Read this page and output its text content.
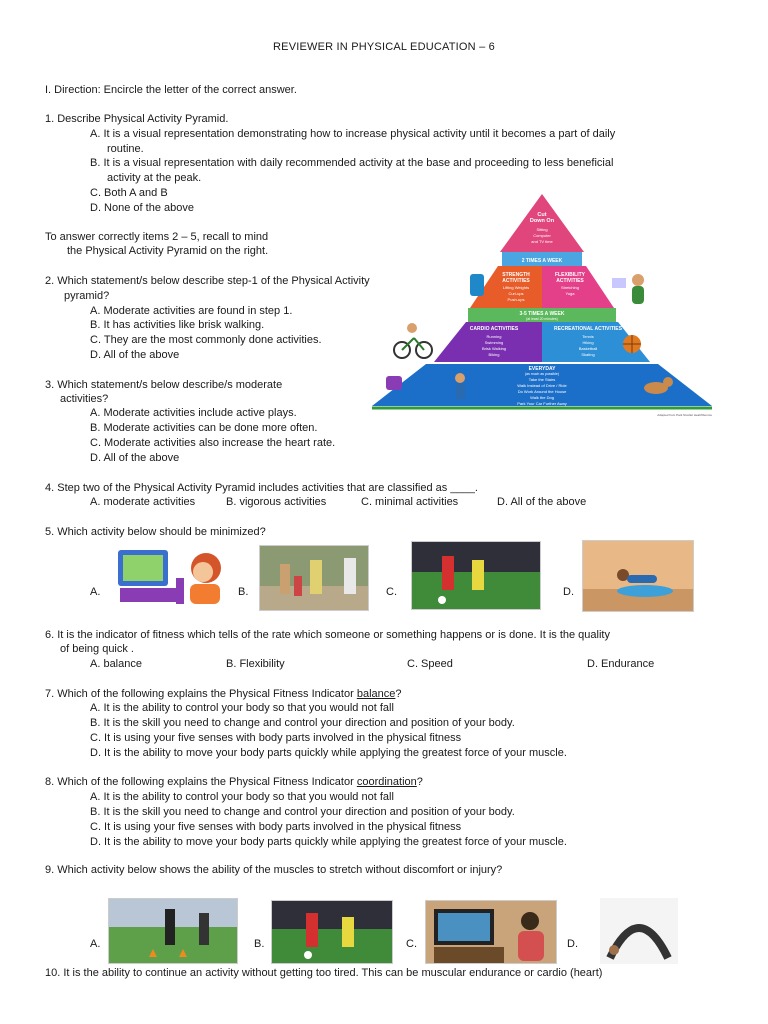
REVIEWER IN PHYSICAL EDUCATION – 6
I. Direction: Encircle the letter of the correct answer.
1. Describe Physical Activity Pyramid.
A. It is a visual representation demonstrating how to increase physical activity until it becomes a part of daily
routine.
B. It is a visual representation with daily recommended activity at the base and proceeding to less beneficial
activity at the peak.
C. Both A and B
D. None of the above
To answer correctly items 2 – 5, recall to mind
the Physical Activity Pyramid on the right.
2. Which statement/s below describe step-1 of the Physical Activity
pyramid?
A. Moderate activities are found in step 1.
B. It has activities like brisk walking.
C. They are the most commonly done activities.
D. All of the above
3. Which statement/s below describe/s moderate
activities?
A. Moderate activities include active plays.
B. Moderate activities can be done more often.
C. Moderate activities also increase the heart rate.
D. All of the above
Cut
Down On
Sitting
Computer
and TV time
2 TIMES A WEEK
STRENGTH
ACTIVITIES
Lifting Weights
Curl-ups
Push-ups
FLEXIBILITY
ACTIVITIES
Stretching
Yoga
3-5 TIMES A WEEK
(at least 20 minutes)
CARDIO ACTIVITIES
Running
Swimming
Brisk Walking
Biking
RECREATIONAL ACTIVITIES
Tennis
Hiking
Basketball
Skating
EVERYDAY
(as much as possible)
Take the Stairs
Walk Instead of Drive / Ride
Do Work Around the House
Walk the Dog
Park Your Car Further Away
Adapted from Park Nicollet HealthSource
4. Step two of the Physical Activity Pyramid includes activities that are classified as ____.
A. moderate activities	B. vigorous activities	C. minimal activities	D. All of the above
5. Which activity below should be minimized?
A.	B.	C.	D.
6. It is the indicator of fitness which tells of the rate which someone or something happens or is done. It is the quality
of being quick .
A. balance	B. Flexibility	C. Speed	D. Endurance
7. Which of the following explains the Physical Fitness Indicator balance?
A. It is the ability to control your body so that you would not fall
B. It is the skill you need to change and control your direction and position of your body.
C. It is using your five senses with body parts involved in the physical fitness
D. It is the ability to move your body parts quickly while applying the greatest force of your muscle.
8. Which of the following explains the Physical Fitness Indicator coordination?
A. It is the ability to control your body so that you would not fall
B. It is the skill you need to change and control your direction and position of your body.
C. It is using your five senses with body parts involved in the physical fitness
D. It is the ability to move your body parts quickly while applying the greatest force of your muscle.
9. Which activity below shows the ability of the muscles to stretch without discomfort or injury?
A.	B.	C.	D.
10. It is the ability to continue an activity without getting too tired. This can be muscular endurance or cardio (heart)
